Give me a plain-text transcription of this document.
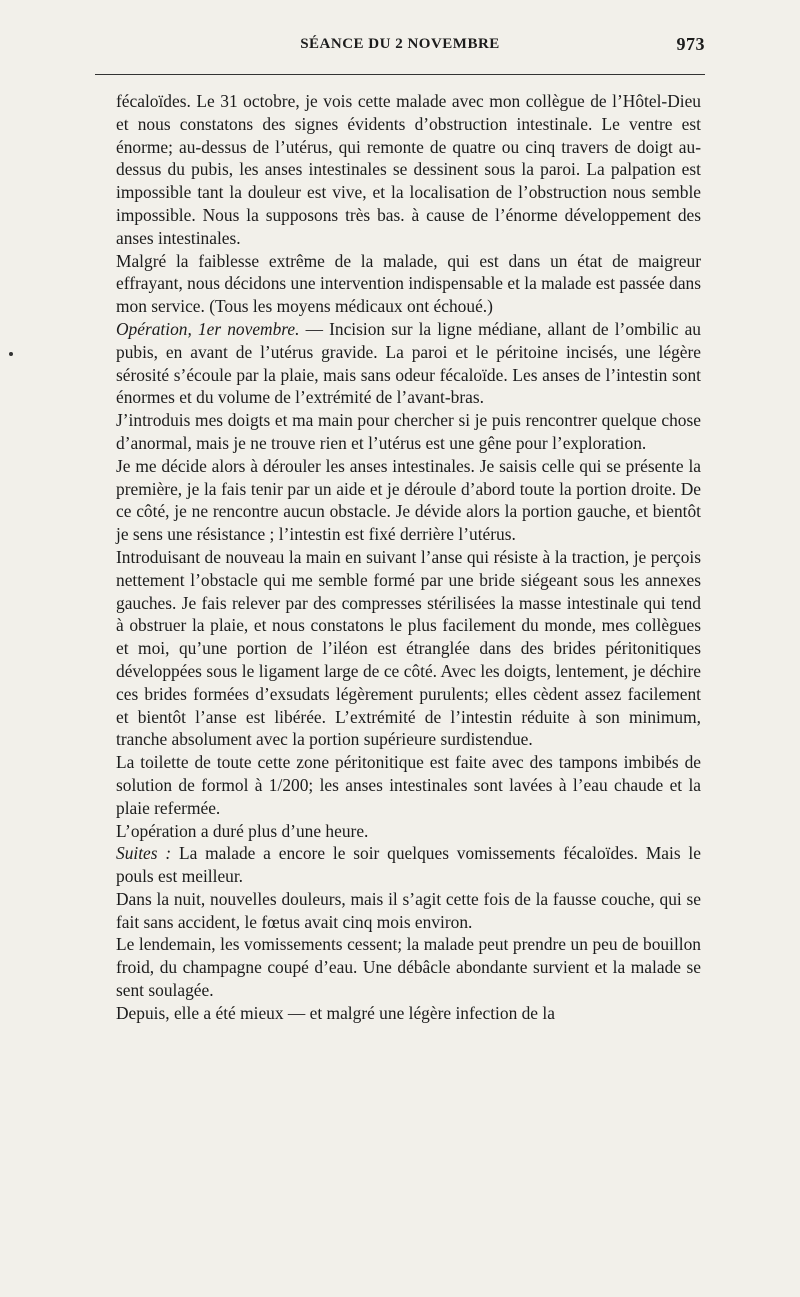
SÉANCE DU 2 NOVEMBRE	973

fécaloïdes. Le 31 octobre, je vois cette malade avec mon collègue de l’Hôtel-Dieu et nous constatons des signes évidents d’obstruction intestinale. Le ventre est énorme; au-dessus de l’utérus, qui remonte de quatre ou cinq travers de doigt au-dessus du pubis, les anses intestinales se dessinent sous la paroi. La palpation est impossible tant la douleur est vive, et la localisation de l’obstruction nous semble impossible. Nous la supposons très bas. à cause de l’énorme développement des anses intestinales.

Malgré la faiblesse extrême de la malade, qui est dans un état de maigreur effrayant, nous décidons une intervention indispensable et la malade est passée dans mon service. (Tous les moyens médicaux ont échoué.)

Opération, 1er novembre. — Incision sur la ligne médiane, allant de l’ombilic au pubis, en avant de l’utérus gravide. La paroi et le péritoine incisés, une légère sérosité s’écoule par la plaie, mais sans odeur fécaloïde. Les anses de l’intestin sont énormes et du volume de l’extrémité de l’avant-bras.

J’introduis mes doigts et ma main pour chercher si je puis rencontrer quelque chose d’anormal, mais je ne trouve rien et l’utérus est une gêne pour l’exploration.

Je me décide alors à dérouler les anses intestinales. Je saisis celle qui se présente la première, je la fais tenir par un aide et je déroule d’abord toute la portion droite. De ce côté, je ne rencontre aucun obstacle. Je dévide alors la portion gauche, et bientôt je sens une résistance ; l’intestin est fixé derrière l’utérus.

Introduisant de nouveau la main en suivant l’anse qui résiste à la traction, je perçois nettement l’obstacle qui me semble formé par une bride siégeant sous les annexes gauches. Je fais relever par des compresses stérilisées la masse intestinale qui tend à obstruer la plaie, et nous constatons le plus facilement du monde, mes collègues et moi, qu’une portion de l’iléon est étranglée dans des brides péritonitiques développées sous le ligament large de ce côté. Avec les doigts, lentement, je déchire ces brides formées d’exsudats légèrement purulents; elles cèdent assez facilement et bientôt l’anse est libérée. L’extrémité de l’intestin réduite à son minimum, tranche absolument avec la portion supérieure surdistendue.

La toilette de toute cette zone péritonitique est faite avec des tampons imbibés de solution de formol à 1/200; les anses intestinales sont lavées à l’eau chaude et la plaie refermée.

L’opération a duré plus d’une heure.

Suites : La malade a encore le soir quelques vomissements fécaloïdes. Mais le pouls est meilleur.

Dans la nuit, nouvelles douleurs, mais il s’agit cette fois de la fausse couche, qui se fait sans accident, le fœtus avait cinq mois environ.

Le lendemain, les vomissements cessent; la malade peut prendre un peu de bouillon froid, du champagne coupé d’eau. Une débâcle abondante survient et la malade se sent soulagée.

Depuis, elle a été mieux — et malgré une légère infection de la
